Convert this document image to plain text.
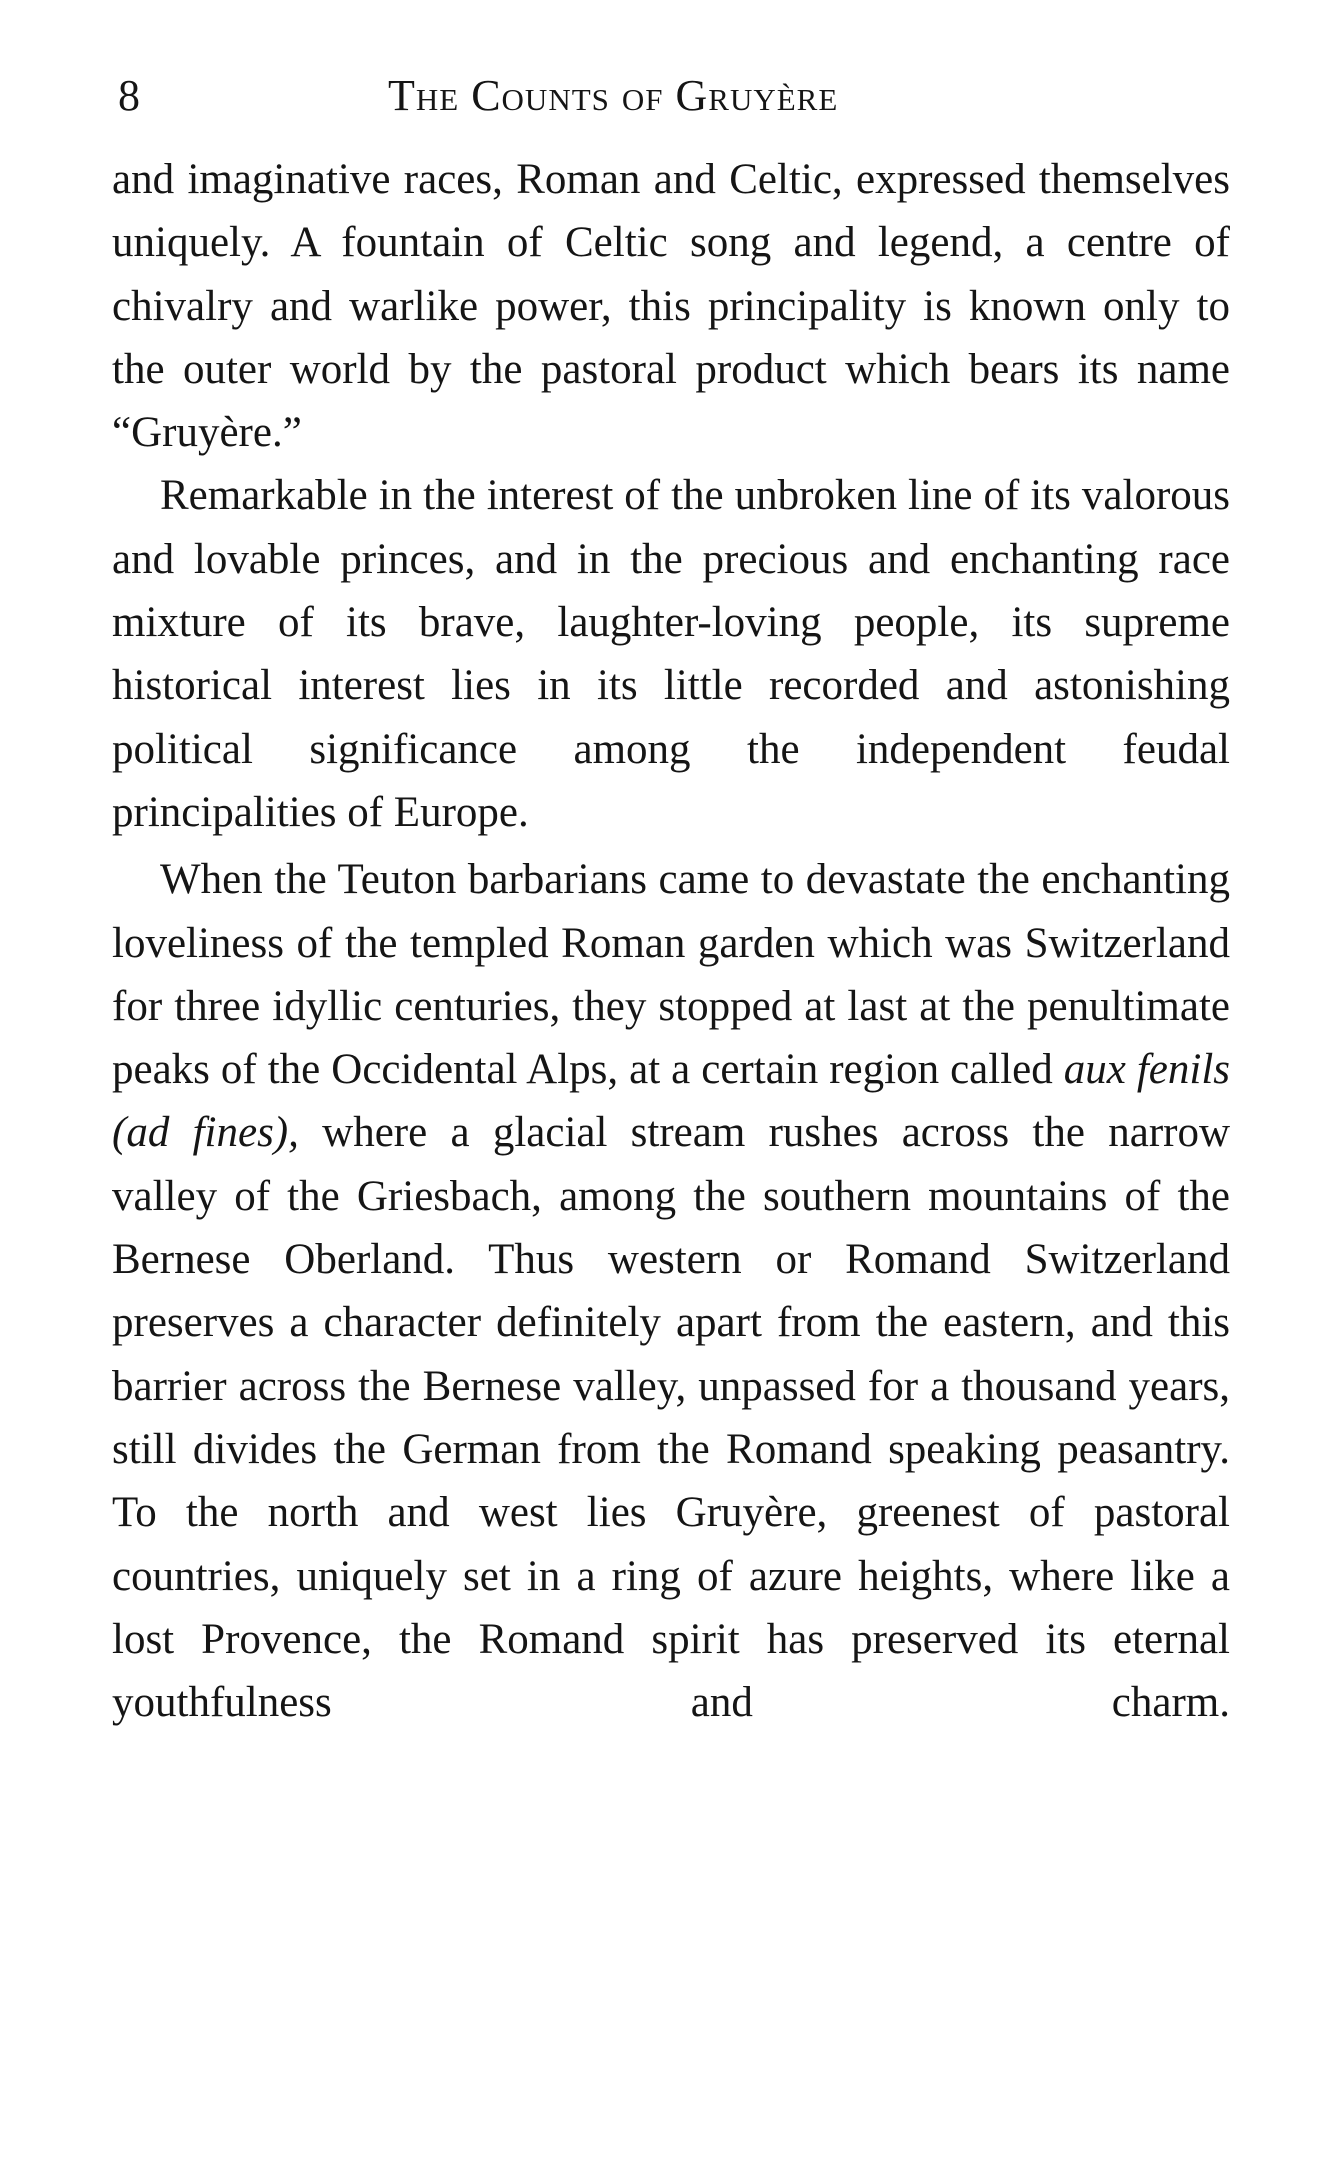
8	The Counts of Gruyère

and imaginative races, Roman and Celtic, expressed themselves uniquely. A fountain of Celtic song and legend, a centre of chivalry and warlike power, this principality is known only to the outer world by the pastoral product which bears its name “Gruyère.”

Remarkable in the interest of the unbroken line of its valorous and lovable princes, and in the precious and enchanting race mixture of its brave, laughter-loving people, its supreme historical interest lies in its little recorded and astonishing political significance among the independent feudal principalities of Europe.

When the Teuton barbarians came to devastate the enchanting loveliness of the templed Roman garden which was Switzerland for three idyllic centuries, they stopped at last at the penultimate peaks of the Occidental Alps, at a certain region called aux fenils (ad fines), where a glacial stream rushes across the narrow valley of the Griesbach, among the southern mountains of the Bernese Oberland. Thus western or Romand Switzerland preserves a character definitely apart from the eastern, and this barrier across the Bernese valley, unpassed for a thousand years, still divides the German from the Romand speaking peasantry. To the north and west lies Gruyère, greenest of pastoral countries, uniquely set in a ring of azure heights, where like a lost Provence, the Romand spirit has preserved its eternal youthfulness and charm.
